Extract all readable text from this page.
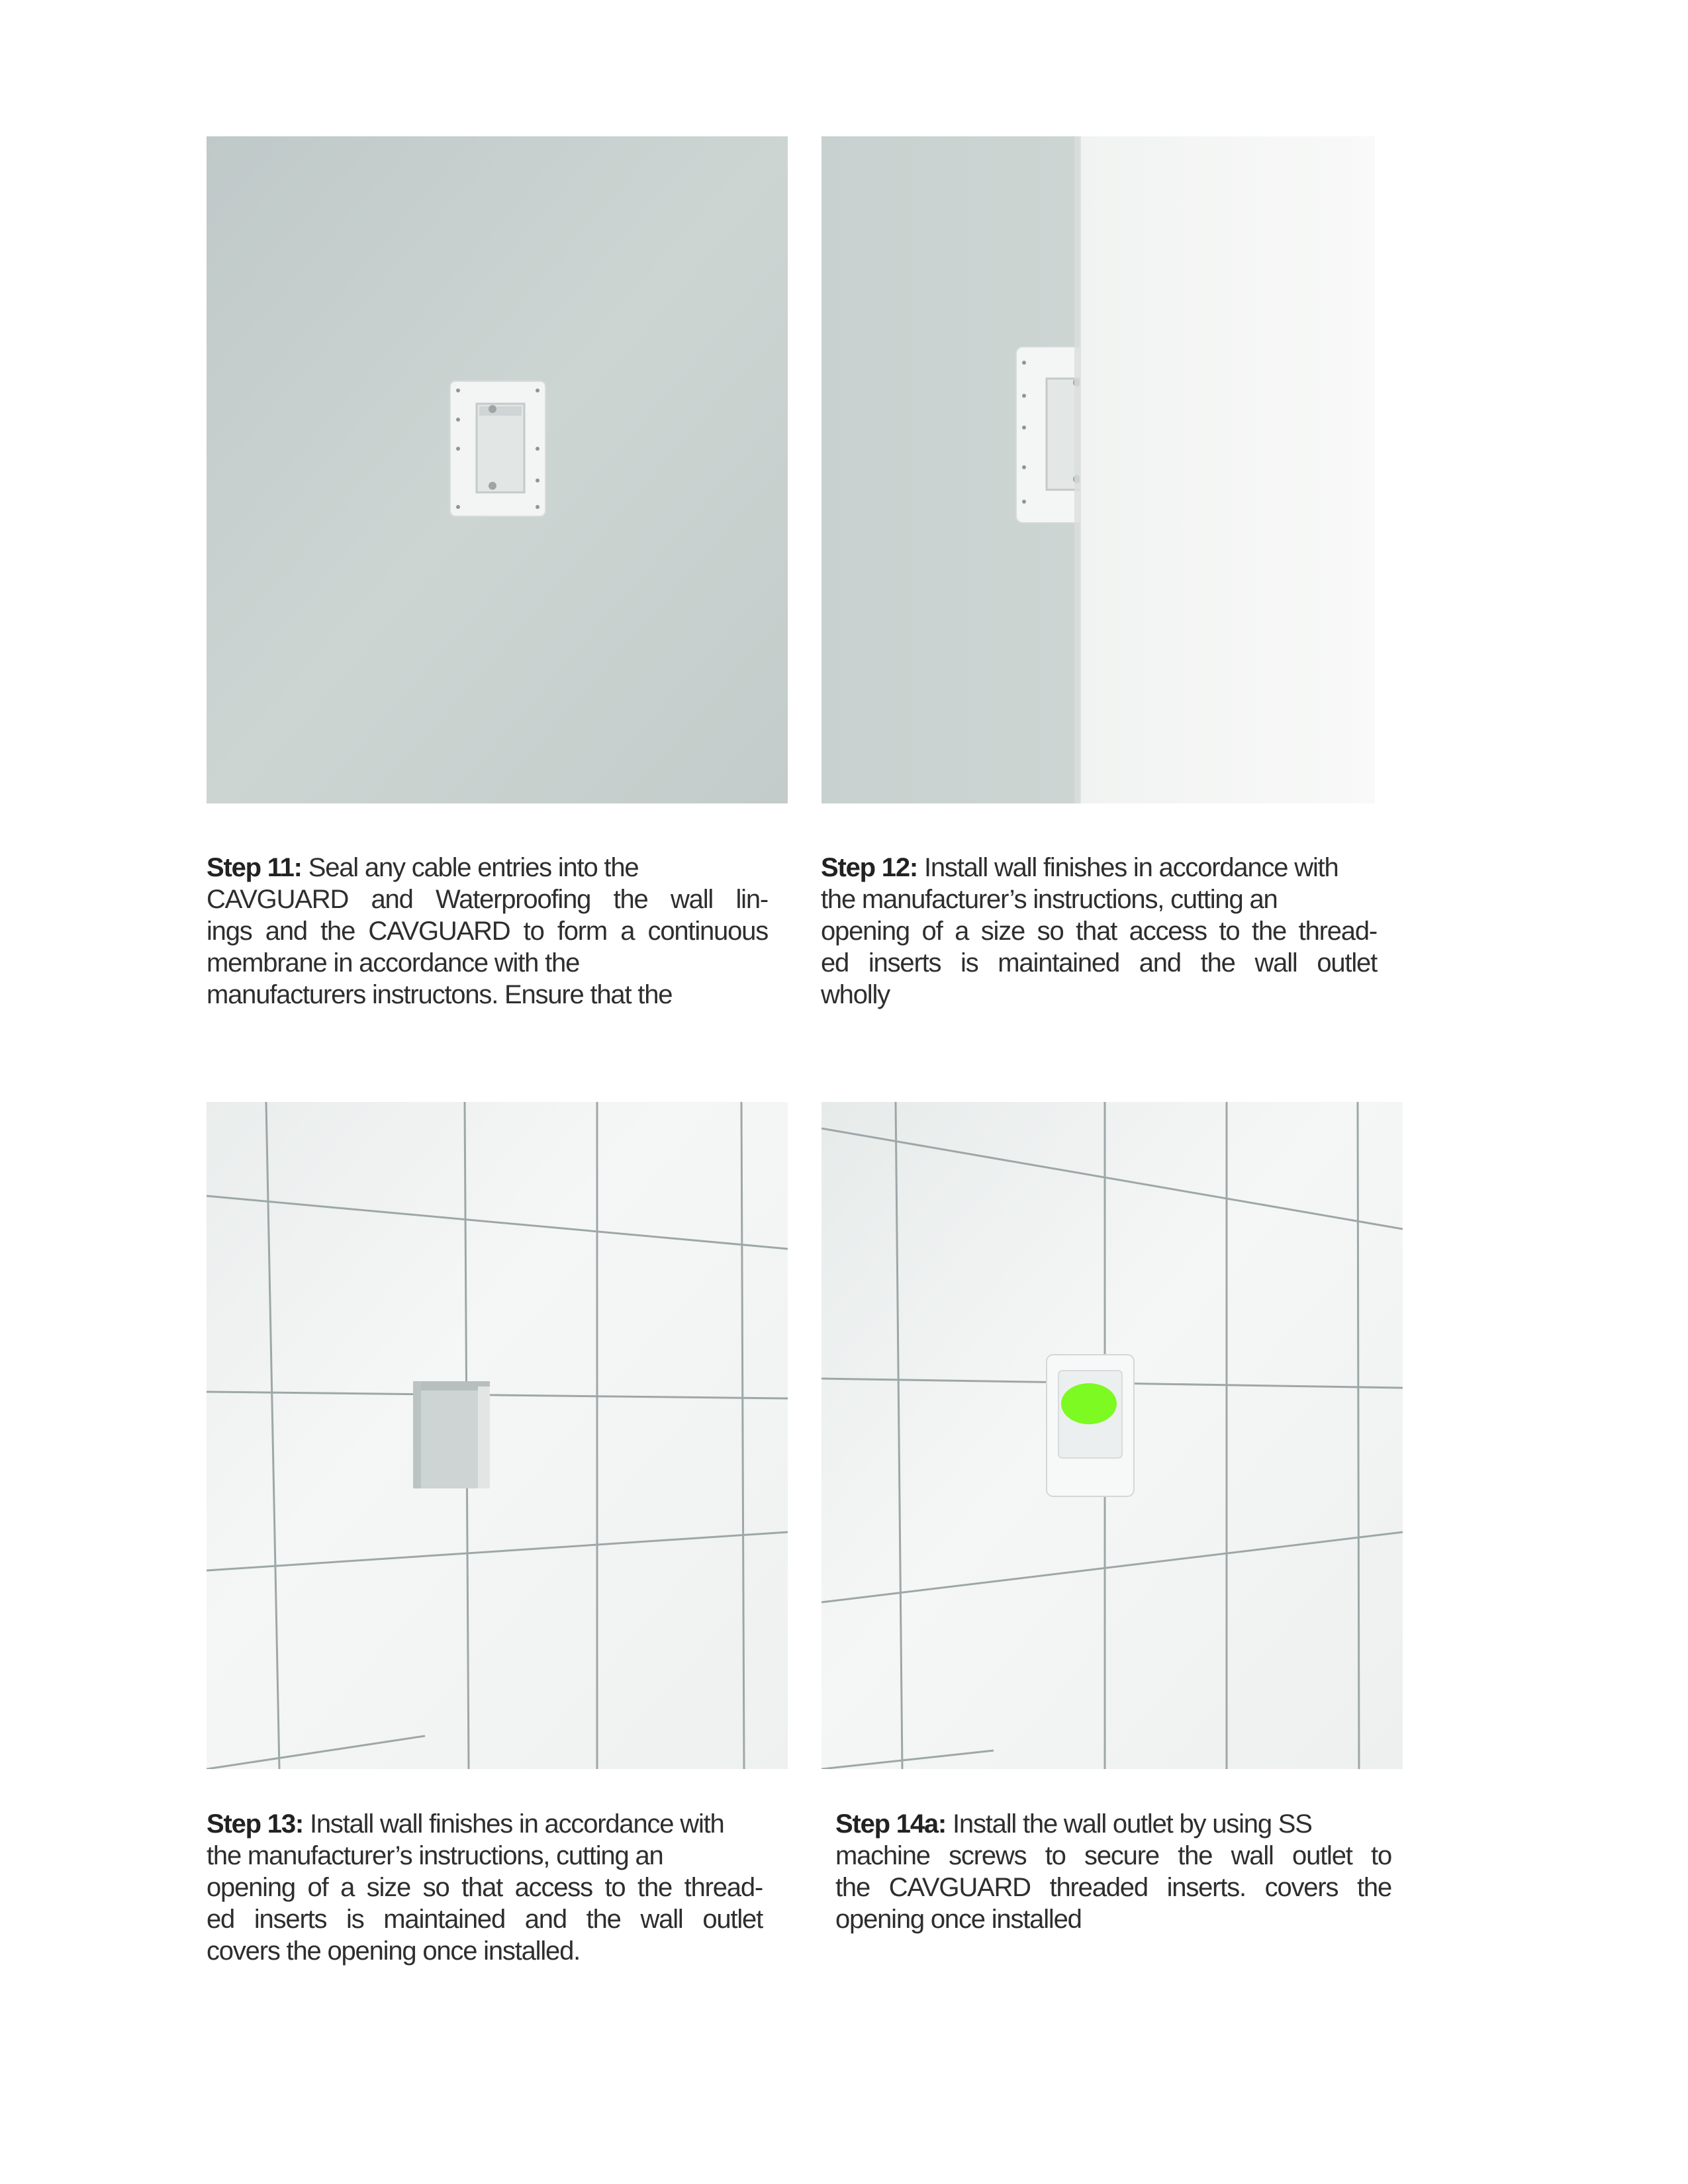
Step 11: Seal any cable entries into the
CAVGUARD and Waterproofing the wall lin-
ings and the CAVGUARD to form a continuous
membrane in accordance with the
manufacturers instructons. Ensure that the
Step 12: Install wall finishes in accordance with
the manufacturer’s instructions, cutting an
opening of a size so that access to the thread-
ed inserts is maintained and the wall outlet
wholly
Step 13: Install wall finishes in accordance with
the manufacturer’s instructions, cutting an
opening of a size so that access to the thread-
ed inserts is maintained and the wall outlet
covers the opening once installed.
Step 14a: Install the wall outlet by using SS
machine screws to secure the wall outlet to
the CAVGUARD threaded inserts. covers the
opening once installed
